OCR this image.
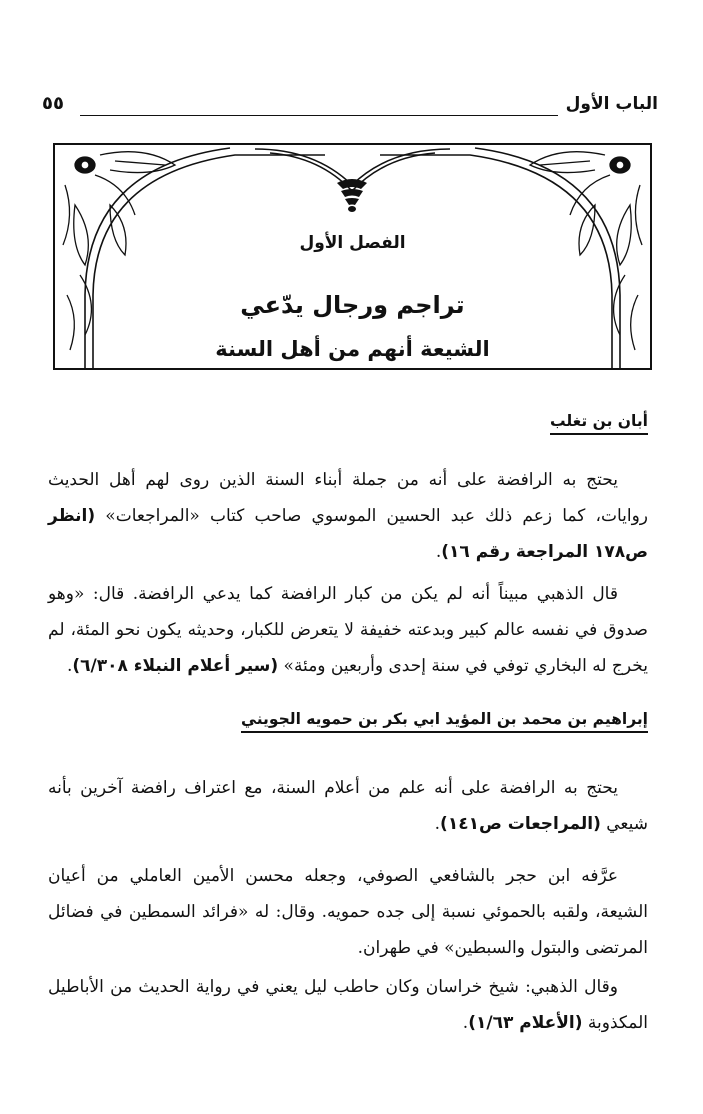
الباب الأول
٥٥
الفصل الأول
تراجم ورجال يدّعي
الشيعة أنهم من أهل السنة
أبان بن تغلب
يحتج به الرافضة على أنه من جملة أبناء السنة الذين روى لهم أهل الحديث روايات، كما زعم ذلك عبد الحسين الموسوي صاحب كتاب «المراجعات» (انظر ص١٧٨ المراجعة رقم ١٦).
قال الذهبي مبيناً أنه لم يكن من كبار الرافضة كما يدعي الرافضة. قال: «وهو صدوق في نفسه عالم كبير وبدعته خفيفة لا يتعرض للكبار، وحديثه يكون نحو المئة، لم يخرج له البخاري توفي في سنة إحدى وأربعين ومئة» (سير أعلام النبلاء ٦/٣٠٨).
إبراهيم بن محمد بن المؤيد ابي بكر بن حمويه الجويني
يحتج به الرافضة على أنه علم من أعلام السنة، مع اعتراف رافضة آخرين بأنه شيعي (المراجعات ص١٤١).
عرَّفه ابن حجر بالشافعي الصوفي، وجعله محسن الأمين العاملي من أعيان الشيعة، ولقبه بالحموئي نسبة إلى جده حمويه. وقال: له «فرائد السمطين في فضائل المرتضى والبتول والسبطين» في طهران.
وقال الذهبي: شيخ خراسان وكان حاطب ليل يعني في رواية الحديث من الأباطيل المكذوبة (الأعلام ١/٦٣).
